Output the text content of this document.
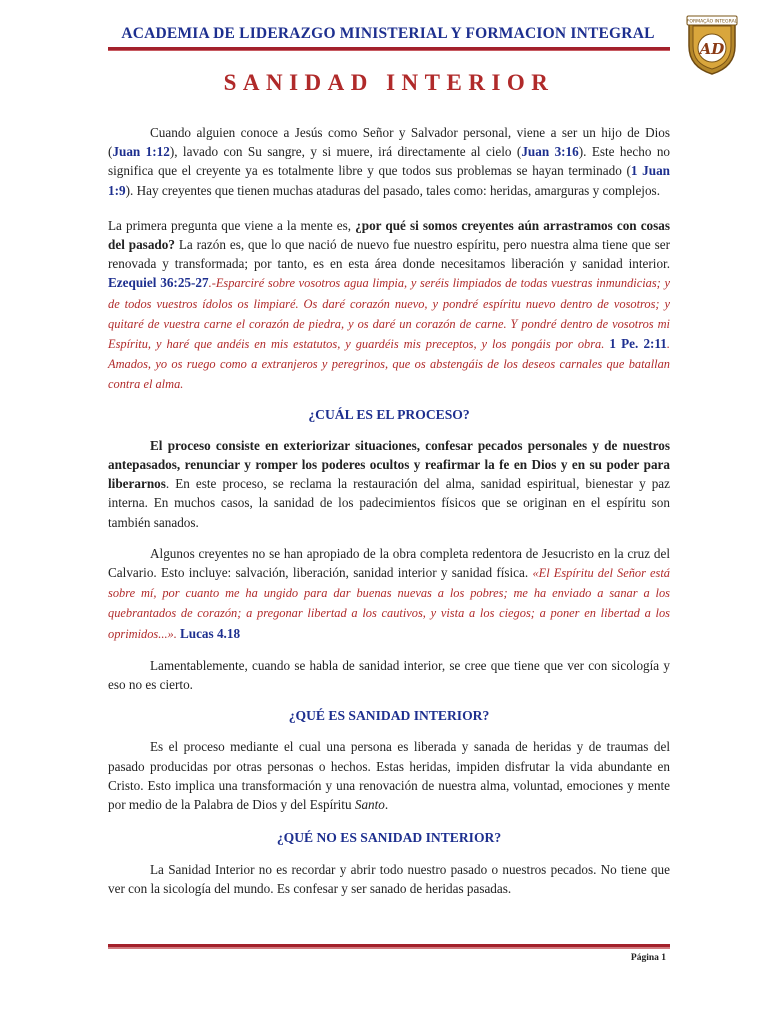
ACADEMIA DE LIDERAZGO MINISTERIAL Y FORMACION INTEGRAL
FORMAÇÃO INTEGRAL
AD
SANIDAD INTERIOR

Cuando alguien conoce a Jesús como Señor y Salvador personal, viene a ser un hijo de Dios (Juan 1:12), lavado con Su sangre, y si muere, irá directamente al cielo (Juan 3:16). Este hecho no significa que el creyente ya es totalmente libre y que todos sus problemas se hayan terminado (1 Juan 1:9). Hay creyentes que tienen muchas ataduras del pasado, tales como: heridas, amarguras y complejos.

La primera pregunta que viene a la mente es, ¿por qué si somos creyentes aún arrastramos con cosas del pasado? La razón es, que lo que nació de nuevo fue nuestro espíritu, pero nuestra alma tiene que ser renovada y transformada; por tanto, es en esta área donde necesitamos liberación y sanidad interior. Ezequiel 36:25-27.-Esparciré sobre vosotros agua limpia, y seréis limpiados de todas vuestras inmundicias; y de todos vuestros ídolos os limpiaré. Os daré corazón nuevo, y pondré espíritu nuevo dentro de vosotros; y quitaré de vuestra carne el corazón de piedra, y os daré un corazón de carne. Y pondré dentro de vosotros mi Espíritu, y haré que andéis en mis estatutos, y guardéis mis preceptos, y los pongáis por obra. 1 Pe. 2:11. Amados, yo os ruego como a extranjeros y peregrinos, que os abstengáis de los deseos carnales que batallan contra el alma.

¿CUÁL ES EL PROCESO?

El proceso consiste en exteriorizar situaciones, confesar pecados personales y de nuestros antepasados, renunciar y romper los poderes ocultos y reafirmar la fe en Dios y en su poder para liberarnos. En este proceso, se reclama la restauración del alma, sanidad espiritual, bienestar y paz interna. En muchos casos, la sanidad de los padecimientos físicos que se originan en el espíritu son también sanados.

Algunos creyentes no se han apropiado de la obra completa redentora de Jesucristo en la cruz del Calvario. Esto incluye: salvación, liberación, sanidad interior y sanidad física. «El Espíritu del Señor está sobre mí, por cuanto me ha ungido para dar buenas nuevas a los pobres; me ha enviado a sanar a los quebrantados de corazón; a pregonar libertad a los cautivos, y vista a los ciegos; a poner en libertad a los oprimidos...». Lucas 4.18

Lamentablemente, cuando se habla de sanidad interior, se cree que tiene que ver con sicología y eso no es cierto.

¿QUÉ ES SANIDAD INTERIOR?

Es el proceso mediante el cual una persona es liberada y sanada de heridas y de traumas del pasado producidas por otras personas o hechos. Estas heridas, impiden disfrutar la vida abundante en Cristo. Esto implica una transformación y una renovación de nuestra alma, voluntad, emociones y mente por medio de la Palabra de Dios y del Espíritu Santo.

¿QUÉ NO ES SANIDAD INTERIOR?

La Sanidad Interior no es recordar y abrir todo nuestro pasado o nuestros pecados. No tiene que ver con la sicología del mundo. Es confesar y ser sanado de heridas pasadas.

Página 1
